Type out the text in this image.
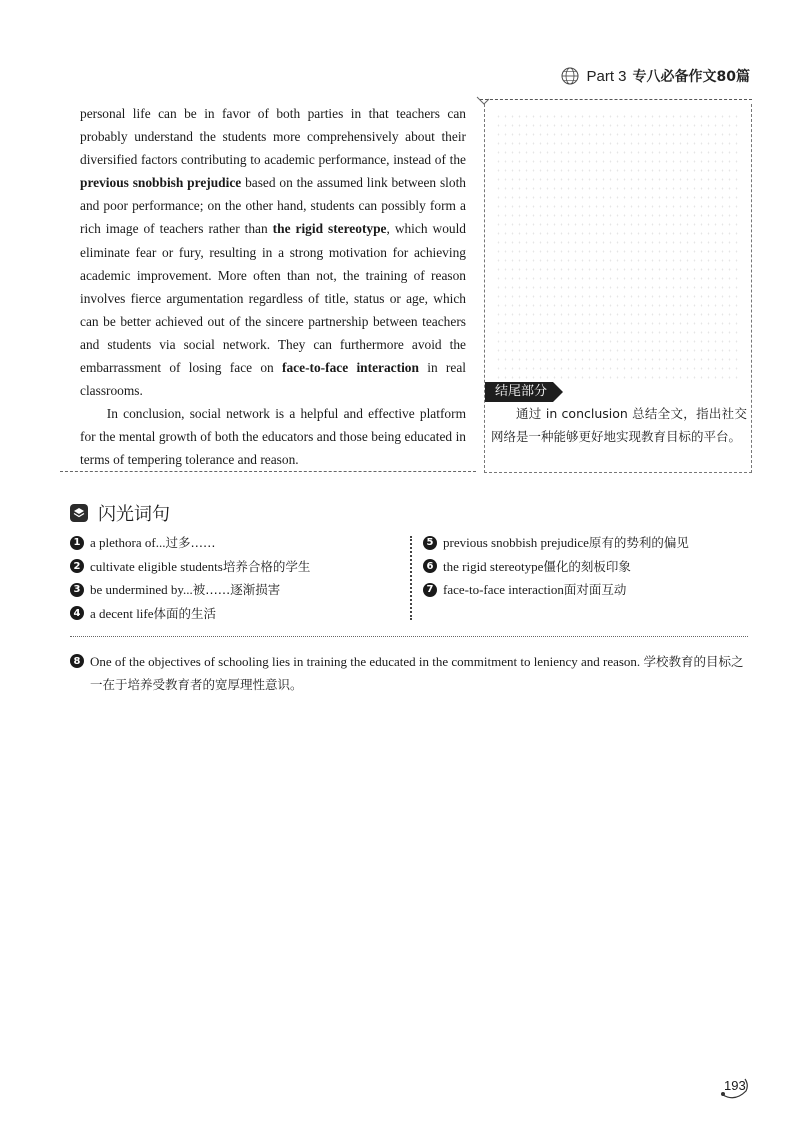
Part 3 专八必备作文80篇

personal life can be in favor of both parties in that teachers can probably understand the students more comprehensively about their diversified factors contributing to academic performance, instead of the previous snobbish prejudice based on the assumed link between sloth and poor performance; on the other hand, students can possibly form a rich image of teachers rather than the rigid stereotype, which would eliminate fear or fury, resulting in a strong motivation for achieving academic improvement. More often than not, the training of reason involves fierce argumentation regardless of title, status or age, which can be better achieved out of the sincere partnership between teachers and students via social network. They can furthermore avoid the embarrassment of losing face on face-to-face interaction in real classrooms.

In conclusion, social network is a helpful and effective platform for the mental growth of both the educators and those being educated in terms of tempering tolerance and reason.

结尾部分

通过 in conclusion 总结全文，指出社交网络是一种能够更好地实现教育目标的平台。

闪光词句
1 a plethora of... 过多……
2 cultivate eligible students 培养合格的学生
3 be undermined by... 被……逐渐损害
4 a decent life 体面的生活
5 previous snobbish prejudice 原有的势利的偏见
6 the rigid stereotype 僵化的刻板印象
7 face-to-face interaction 面对面互动
8 One of the objectives of schooling lies in training the educated in the commitment to leniency and reason. 学校教育的目标之一在于培养受教育者的宽厚理性意识。
193
